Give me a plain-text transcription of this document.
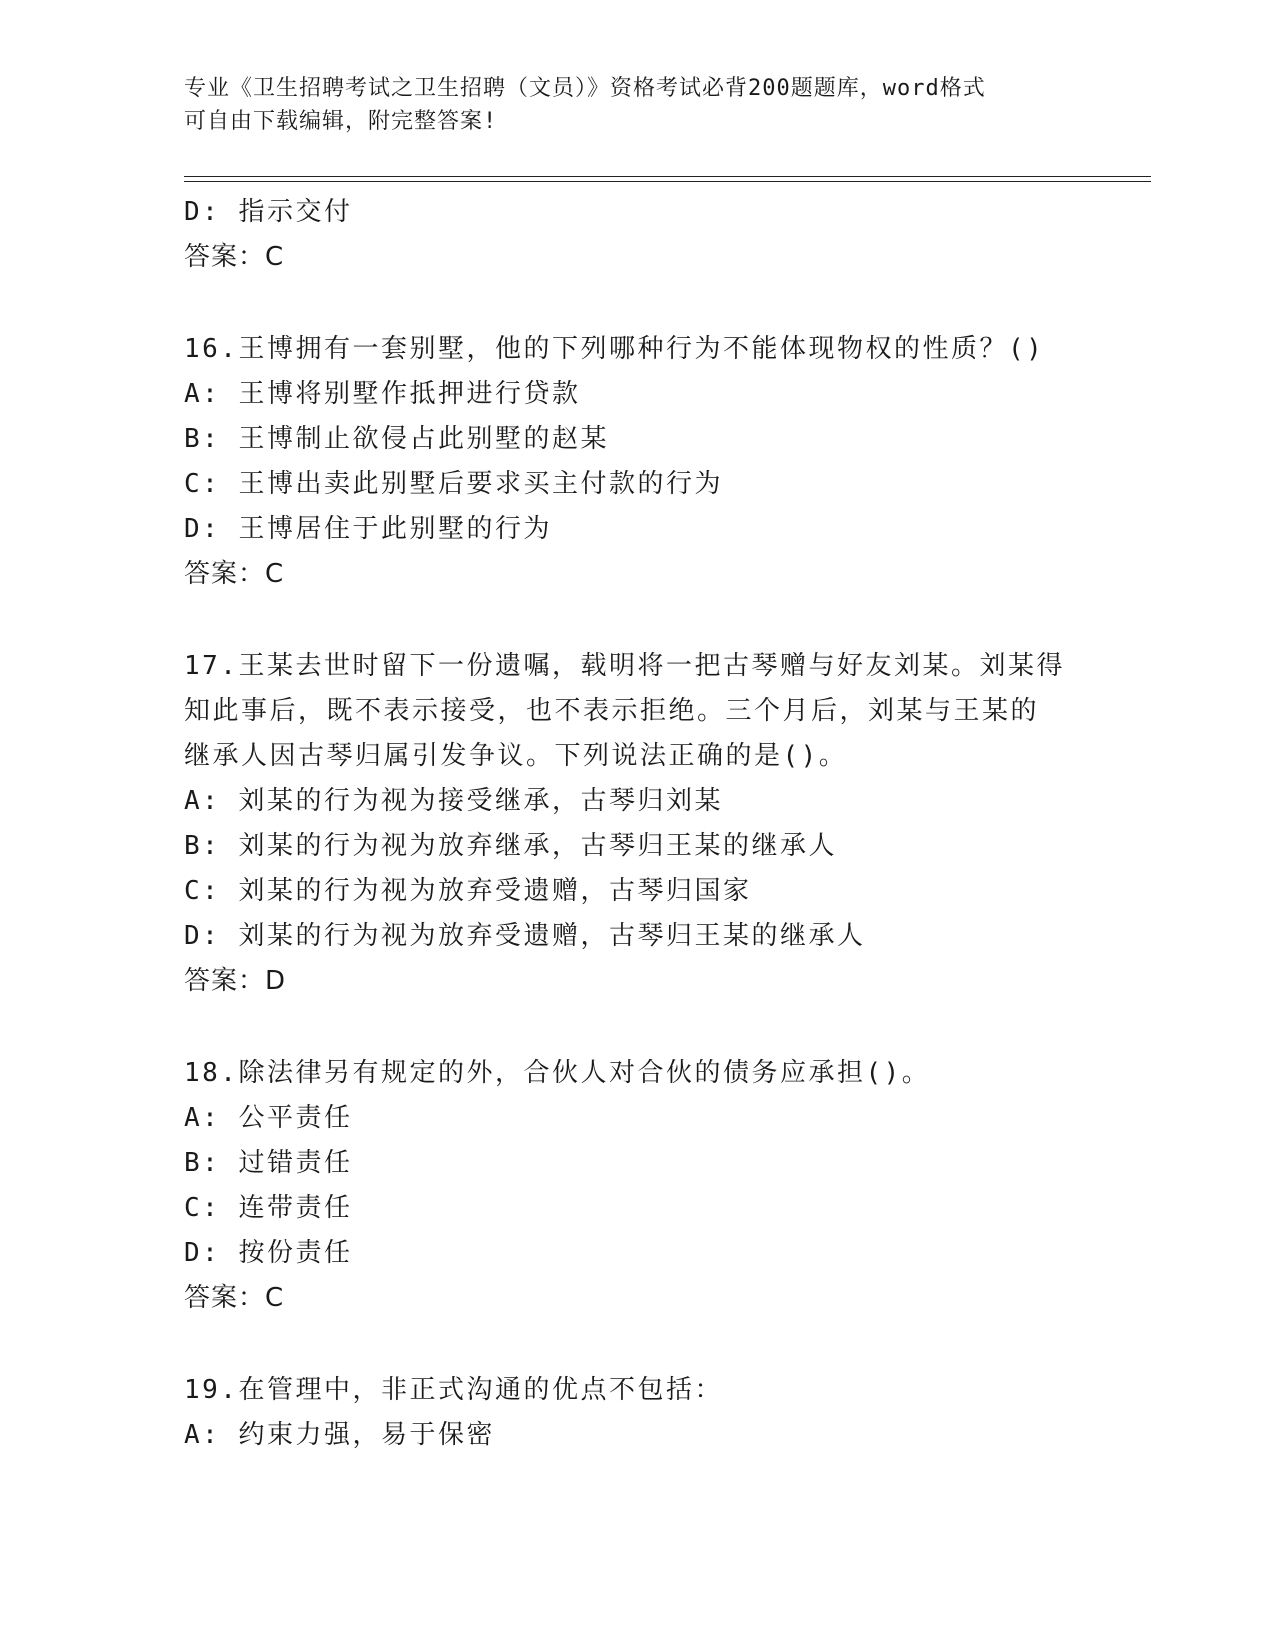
专业《卫生招聘考试之卫生招聘（文员）》资格考试必背200题题库，word格式
可自由下载编辑，附完整答案!
D: 指示交付
答案：C
16.王博拥有一套别墅，他的下列哪种行为不能体现物权的性质？()
A: 王博将别墅作抵押进行贷款
B: 王博制止欲侵占此别墅的赵某
C: 王博出卖此别墅后要求买主付款的行为
D: 王博居住于此别墅的行为
答案：C
17.王某去世时留下一份遗嘱，载明将一把古琴赠与好友刘某。刘某得
知此事后，既不表示接受，也不表示拒绝。三个月后，刘某与王某的
继承人因古琴归属引发争议。下列说法正确的是()。
A: 刘某的行为视为接受继承，古琴归刘某
B: 刘某的行为视为放弃继承，古琴归王某的继承人
C: 刘某的行为视为放弃受遗赠，古琴归国家
D: 刘某的行为视为放弃受遗赠，古琴归王某的继承人
答案：D
18.除法律另有规定的外，合伙人对合伙的债务应承担()。
A: 公平责任
B: 过错责任
C: 连带责任
D: 按份责任
答案：C
19.在管理中，非正式沟通的优点不包括：
A: 约束力强，易于保密
